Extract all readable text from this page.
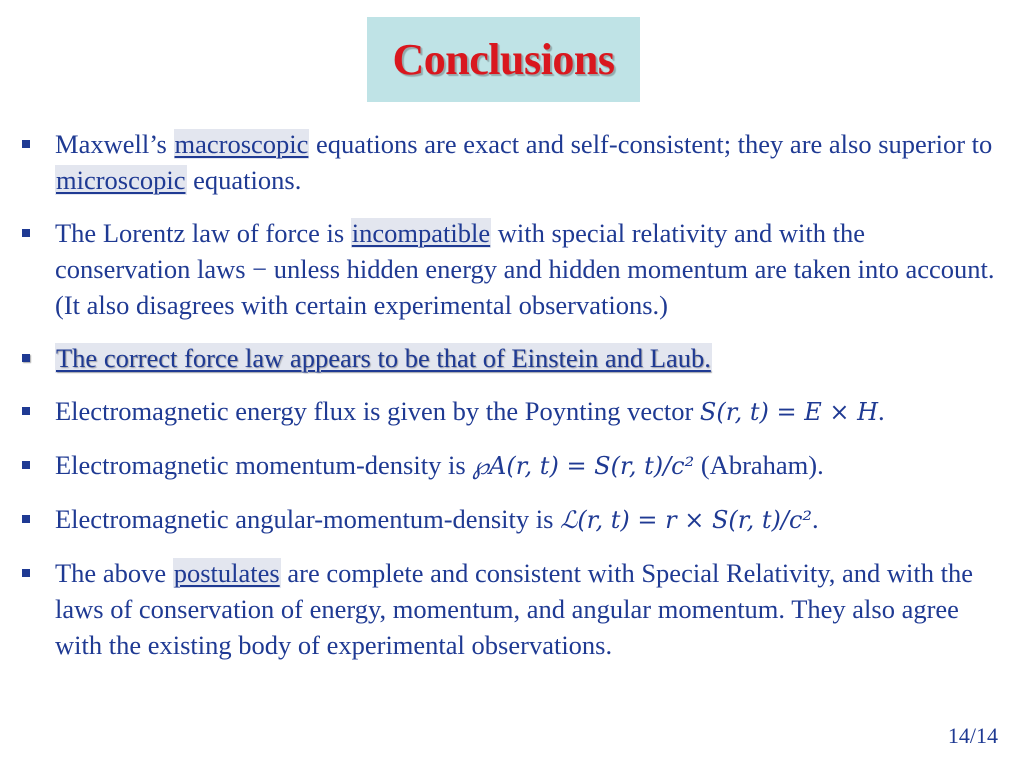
Conclusions
Maxwell’s macroscopic equations are exact and self-consistent; they are also superior to microscopic equations.
The Lorentz law of force is incompatible with special relativity and with the conservation laws − unless hidden energy and hidden momentum are taken into account. (It also disagrees with certain experimental observations.)
The correct force law appears to be that of Einstein and Laub.
Electromagnetic energy flux is given by the Poynting vector S(r, t) = E × H.
Electromagnetic momentum-density is ℘A(r, t) = S(r, t)/c² (Abraham).
Electromagnetic angular-momentum-density is ℒ(r, t) = r × S(r, t)/c².
The above postulates are complete and consistent with Special Relativity, and with the laws of conservation of energy, momentum, and angular momentum. They also agree with the existing body of experimental observations.
14/14
